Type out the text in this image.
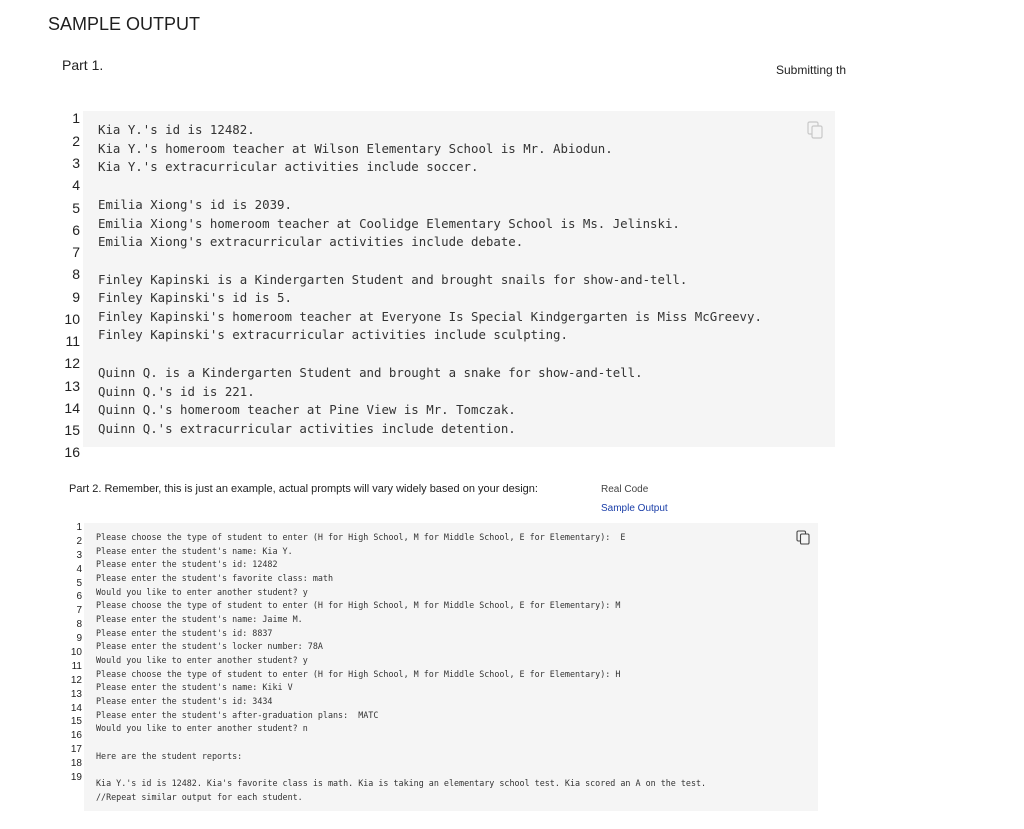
SAMPLE OUTPUT
Part 1.	Submitting th
1
2
3
4
5
6
7
8
9
10
11
12
13
14
15
16
Kia Y.'s id is 12482.
Kia Y.'s homeroom teacher at Wilson Elementary School is Mr. Abiodun.
Kia Y.'s extracurricular activities include soccer.
Emilia Xiong's id is 2039.
Emilia Xiong's homeroom teacher at Coolidge Elementary School is Ms. Jelinski.
Emilia Xiong's extracurricular activities include debate.
Finley Kapinski is a Kindergarten Student and brought snails for show-and-tell.
Finley Kapinski's id is 5.
Finley Kapinski's homeroom teacher at Everyone Is Special Kindgergarten is Miss McGreevy.
Finley Kapinski's extracurricular activities include sculpting.
Quinn Q. is a Kindergarten Student and brought a snake for show-and-tell.
Quinn Q.'s id is 221.
Quinn Q.'s homeroom teacher at Pine View is Mr. Tomczak.
Quinn Q.'s extracurricular activities include detention.
Part 2. Remember, this is just an example, actual prompts will vary widely based on your design:	Real Code
Sample Output
1
2
3
4
5
6
7
8
9
10
11
12
13
14
15
16
17
18
19
Please choose the type of student to enter (H for High School, M for Middle School, E for Elementary):  E
Please enter the student's name: Kia Y.
Please enter the student's id: 12482
Please enter the student's favorite class: math
Would you like to enter another student? y
Please choose the type of student to enter (H for High School, M for Middle School, E for Elementary): M
Please enter the student's name: Jaime M.
Please enter the student's id: 8837
Please enter the student's locker number: 78A
Would you like to enter another student? y
Please choose the type of student to enter (H for High School, M for Middle School, E for Elementary): H
Please enter the student's name: Kiki V
Please enter the student's id: 3434
Please enter the student's after-graduation plans:  MATC
Would you like to enter another student? n
Here are the student reports:
Kia Y.'s id is 12482. Kia's favorite class is math. Kia is taking an elementary school test. Kia scored an A on the test.
//Repeat similar output for each student.
